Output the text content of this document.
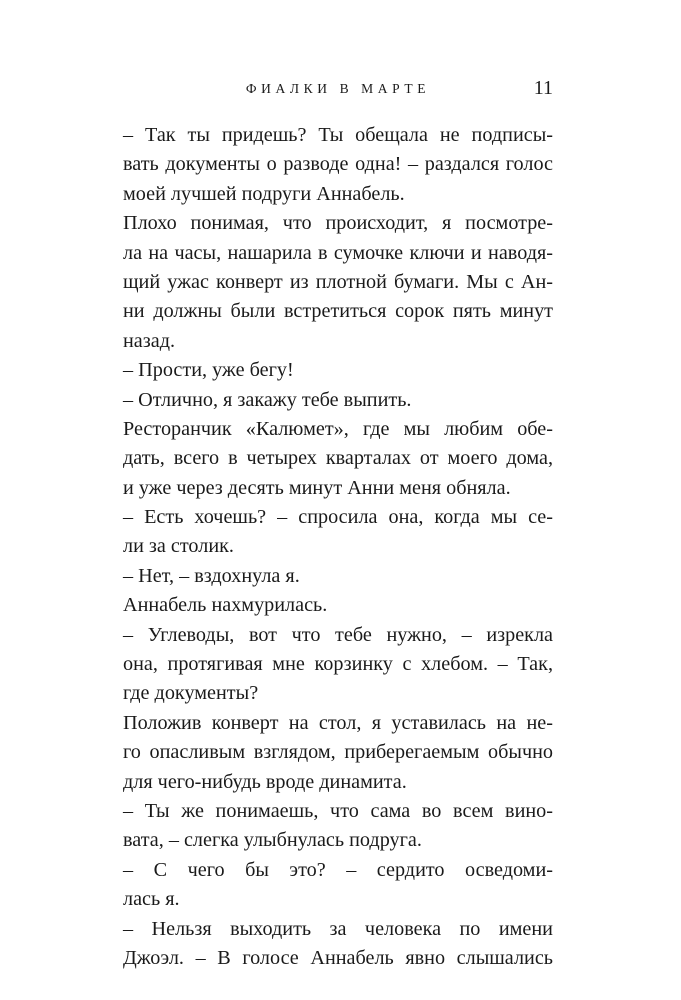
ФИАЛКИ В МАРТЕ	11
– Так ты придешь? Ты обещала не подписы-
вать документы о разводе одна! – раздался голос
моей лучшей подруги Аннабель.
Плохо понимая, что происходит, я посмотре-
ла на часы, нашарила в сумочке ключи и наводя-
щий ужас конверт из плотной бумаги. Мы с Ан-
ни должны были встретиться сорок пять минут
назад.
– Прости, уже бегу!
– Отлично, я закажу тебе выпить.
Ресторанчик «Калюмет», где мы любим обе-
дать, всего в четырех кварталах от моего дома,
и уже через десять минут Анни меня обняла.
– Есть хочешь? – спросила она, когда мы се-
ли за столик.
– Нет, – вздохнула я.
Аннабель нахмурилась.
– Углеводы, вот что тебе нужно, – изрекла
она, протягивая мне корзинку с хлебом. – Так,
где документы?
Положив конверт на стол, я уставилась на не-
го опасливым взглядом, приберегаемым обычно
для чего-нибудь вроде динамита.
– Ты же понимаешь, что сама во всем вино-
вата, – слегка улыбнулась подруга.
– С чего бы это? – сердито осведоми-
лась я.
– Нельзя выходить за человека по имени
Джоэл. – В голосе Аннабель явно слышались
